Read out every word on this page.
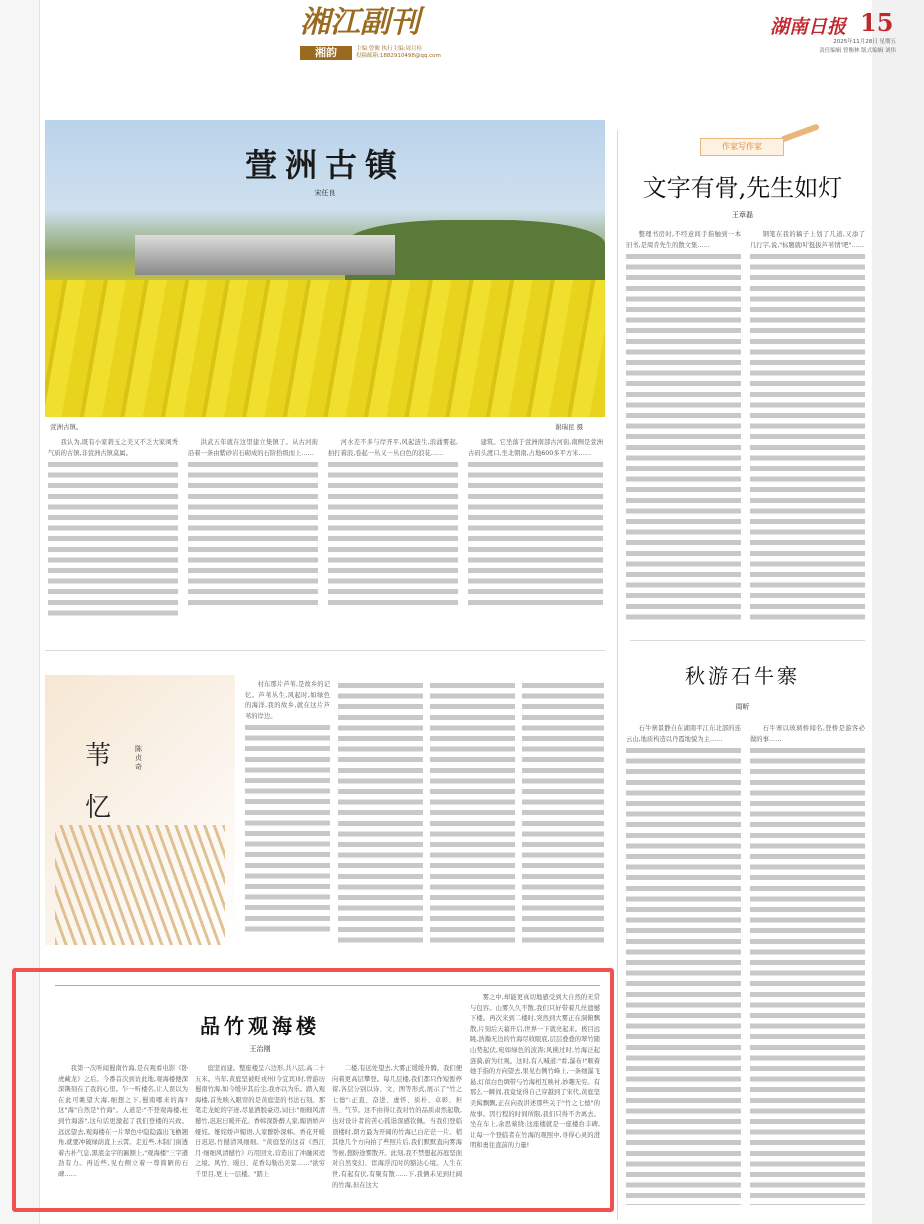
湘江副刊
湘韵	主编:曾衡 执行主编:周月桂
投稿邮箱:1882910498@qq.com
湖南日报 15
2025年11月28日 星期五
责任编辑 曾衡林 版式编辑 刘伟
萱洲古镇
宋任良
萱洲古镇。	谢瑞昆 摄

我认为,既有小家碧玉之美又不乏大家闺秀气质的古镇,非萱洲古镇莫属。

洪武五年就在这里建立集镇了。从古河街沿着一条由紫砂岩石砌成的石阶拾级而上……

河水差不多与岸齐平,风起涟生,浪涌雾起,拍打着浪,卷起一丛又一丛白色的浪花……

建筑。它坐落于萱洲南部古河街,南侧是萱洲古码头渡口,坐北朝南,占地600多平方米……

苇忆
陈贞奇

村东那片芦苇,是故乡的记忆。芦苇丛生,风起时,如绿色的海洋,我的故乡,就在这片芦苇的岸边。

品竹观海楼
王治刚

我第一次听闻蜀南竹海,是在观看电影《卧虎藏龙》之后。今番首次到访此地,观海楼便深深镌刻在了我的心里。乍一听楼名,让人误以为在此可眺望大海,细想之下,蜀南哪来的海?这"海"自然是"竹海"。人道是:"不登观海楼,枉到竹海游",这句话更激起了我们登楼的兴致。远远望去,观海楼在一片翠色中隐隐露出飞檐翘角,就要冲破绿荫直上云霄。走近些,木制门窗透着古朴气息,黑底金字的匾额上,"观海楼"三字遒劲有力。再近些,见右侧立着一尊简陋的石碑……

庭坚而建。整座楼呈六边形,共八层,高二十五米。当年,黄庭坚被贬戎州(今宜宾)时,曾游历蜀南竹海,如今缓步其后尘,我亦以为乐。踏入观海楼,首先映入眼帘的是黄庭坚的书法石刻。那笔走龙蛇的字迹,尽显洒脱豪迈,词曰:"细细风清撼竹,迟迟日暖开花。香帏深卧醉人家,媚语娇声娅姹。娅姹娇声媚语,人家醉卧深帏。香花开暖日迟迟,竹撼清风细细。"黄庭坚的这首《西江月·细细风清撼竹》巧用回文,营造出了冲融闲适之境。风竹、暖日、花香勾勒出美景……"欲穷千里目,更上一层楼。"踏上

二楼,有远处望去,大雾正缓缓升腾。我们便向着更高层攀登。每几层楼,我们都只作短暂停留,各层分别以诗、文、图等形式,展示了"竹之七德":正直、奋进、虚怀、质朴、卓彰、担当、气节。这不由得让我对竹的品质肃然起敬,也对设计者的苦心孤诣深感钦佩。当我们登临顶楼时,朗方最为开阔的竹海已白茫茫一片。稍其他几个方向拍了些照片后,我们默默直向雾海等候,想盼途雾散开。此刻,我不禁想起苏庭坚面对自然变幻、宦海浮沉时的豁达心境。人生在世,有起有伏,有聚有散……下,我俩未见到壮阔的竹海,但在这大

雾之中,却能更真切地感受到大自然的无常与包容。山雾久久不散,我们只好带着几丝遗憾下楼。再次来到二楼时,突然到大雾正在洞俯飘散,片刻后天幕开启,世界一下就亮起来。极目远眺,浩瀚无边的竹海尽收眼底,层层叠叠的翠竹随山势起伏,宛如绿色的波涛;风拂过时,竹海泛起涟漪,蔚为壮观。这时,有人喊道:"看,瀑布!"顺着她手指的方向望去,果见右侧竹峰上,一条细瀑飞悬,灯似白色绸带与竹海相互映衬,妙趣无穷。有那么一瞬间,我竟觉得自己穿越到了宋代,黄庭坚美髯飘飘,正在向我讲述那些关于"竹之七德"的故事。因行程的时间所限,我们只得不舍离去。坐在车上,余思萦绕:这座楼就是一座楼台丰碑,让每一个登临者在竹海的观照中,寻得心灵的澄明和勇往直前的力量!

作家写作家
文字有骨,先生如灯
王章磊

整理书房时,不经意间手指触到一本旧书,是周肯先生的散文集……

钢笔在我的稿子上划了几道,又添了几行字,说,"标题就叫'挺拔芦苇情'吧"……

秋游石牛寨
周昕

石牛寨景静自在湖南平江东北部的连云山,地质构造以丹霞地貌为主……

石牛寨以玻璃桥闻名,登桥是游客必做的事……
